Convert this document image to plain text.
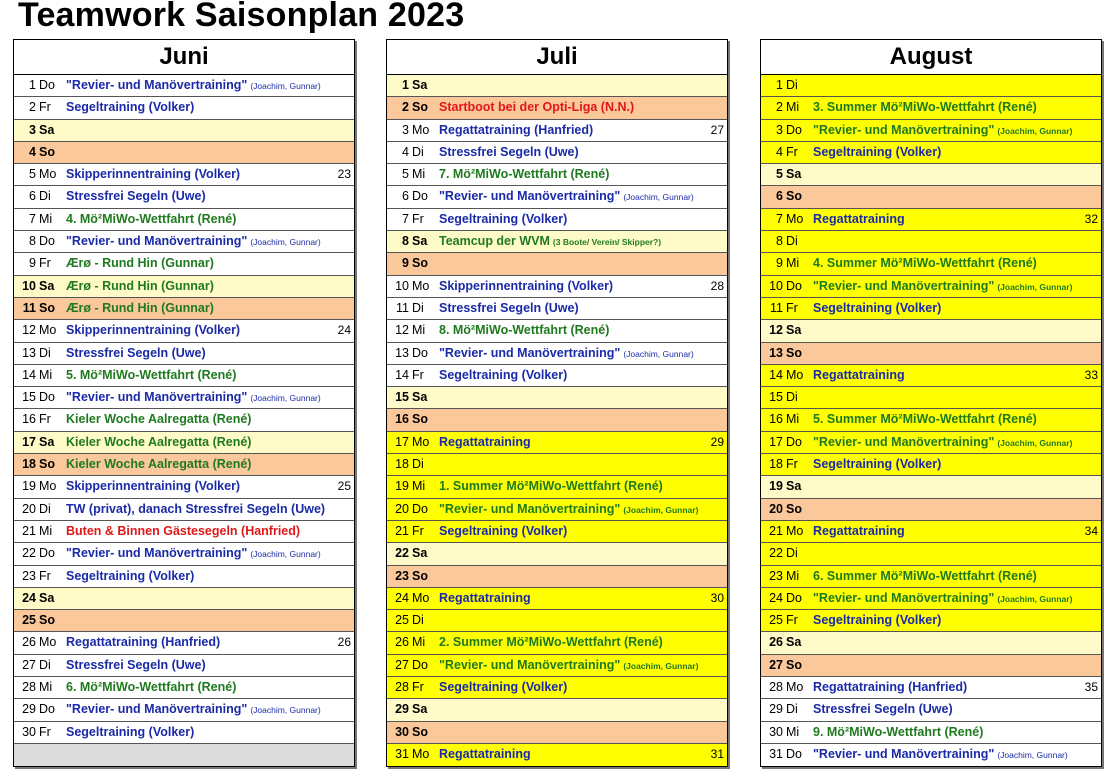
Teamwork Saisonplan 2023
Juni
1 Do "Revier- und Manövertraining" (Joachim, Gunnar)
2 Fr Segeltraining (Volker)
3 Sa
4 So
5 Mo Skipperinnentraining (Volker)	23
6 Di Stressfrei Segeln (Uwe)
7 Mi 4. Mö²MiWo-Wettfahrt (René)
8 Do "Revier- und Manövertraining" (Joachim, Gunnar)
9 Fr Ærø - Rund Hin (Gunnar)
10 Sa Ærø - Rund Hin (Gunnar)
11 So Ærø - Rund Hin (Gunnar)
12 Mo Skipperinnentraining (Volker)	24
13 Di Stressfrei Segeln (Uwe)
14 Mi 5. Mö²MiWo-Wettfahrt (René)
15 Do "Revier- und Manövertraining" (Joachim, Gunnar)
16 Fr Kieler Woche Aalregatta (René)
17 Sa Kieler Woche Aalregatta (René)
18 So Kieler Woche Aalregatta (René)
19 Mo Skipperinnentraining (Volker)	25
20 Di TW (privat), danach Stressfrei Segeln (Uwe)
21 Mi Buten & Binnen Gästesegeln (Hanfried)
22 Do "Revier- und Manövertraining" (Joachim, Gunnar)
23 Fr Segeltraining (Volker)
24 Sa
25 So
26 Mo Regattatraining (Hanfried)	26
27 Di Stressfrei Segeln (Uwe)
28 Mi 6. Mö²MiWo-Wettfahrt (René)
29 Do "Revier- und Manövertraining" (Joachim, Gunnar)
30 Fr Segeltraining (Volker)
Juli
1 Sa
2 So Startboot bei der Opti-Liga (N.N.)
3 Mo Regattatraining (Hanfried)	27
4 Di Stressfrei Segeln (Uwe)
5 Mi 7. Mö²MiWo-Wettfahrt (René)
6 Do "Revier- und Manövertraining" (Joachim, Gunnar)
7 Fr Segeltraining (Volker)
8 Sa Teamcup der WVM (3 Boote/ Verein/ Skipper?)
9 So
10 Mo Skipperinnentraining (Volker)	28
11 Di Stressfrei Segeln (Uwe)
12 Mi 8. Mö²MiWo-Wettfahrt (René)
13 Do "Revier- und Manövertraining" (Joachim, Gunnar)
14 Fr Segeltraining (Volker)
15 Sa
16 So
17 Mo Regattatraining	29
18 Di
19 Mi 1. Summer Mö²MiWo-Wettfahrt (René)
20 Do "Revier- und Manövertraining" (Joachim, Gunnar)
21 Fr Segeltraining (Volker)
22 Sa
23 So
24 Mo Regattatraining	30
25 Di
26 Mi 2. Summer Mö²MiWo-Wettfahrt (René)
27 Do "Revier- und Manövertraining" (Joachim, Gunnar)
28 Fr Segeltraining (Volker)
29 Sa
30 So
31 Mo Regattatraining	31
August
1 Di
2 Mi 3. Summer Mö²MiWo-Wettfahrt (René)
3 Do "Revier- und Manövertraining" (Joachim, Gunnar)
4 Fr Segeltraining (Volker)
5 Sa
6 So
7 Mo Regattatraining	32
8 Di
9 Mi 4. Summer Mö²MiWo-Wettfahrt (René)
10 Do "Revier- und Manövertraining" (Joachim, Gunnar)
11 Fr Segeltraining (Volker)
12 Sa
13 So
14 Mo Regattatraining	33
15 Di
16 Mi 5. Summer Mö²MiWo-Wettfahrt (René)
17 Do "Revier- und Manövertraining" (Joachim, Gunnar)
18 Fr Segeltraining (Volker)
19 Sa
20 So
21 Mo Regattatraining	34
22 Di
23 Mi 6. Summer Mö²MiWo-Wettfahrt (René)
24 Do "Revier- und Manövertraining" (Joachim, Gunnar)
25 Fr Segeltraining (Volker)
26 Sa
27 So
28 Mo Regattatraining (Hanfried)	35
29 Di Stressfrei Segeln (Uwe)
30 Mi 9. Mö²MiWo-Wettfahrt (René)
31 Do "Revier- und Manövertraining" (Joachim, Gunnar)
